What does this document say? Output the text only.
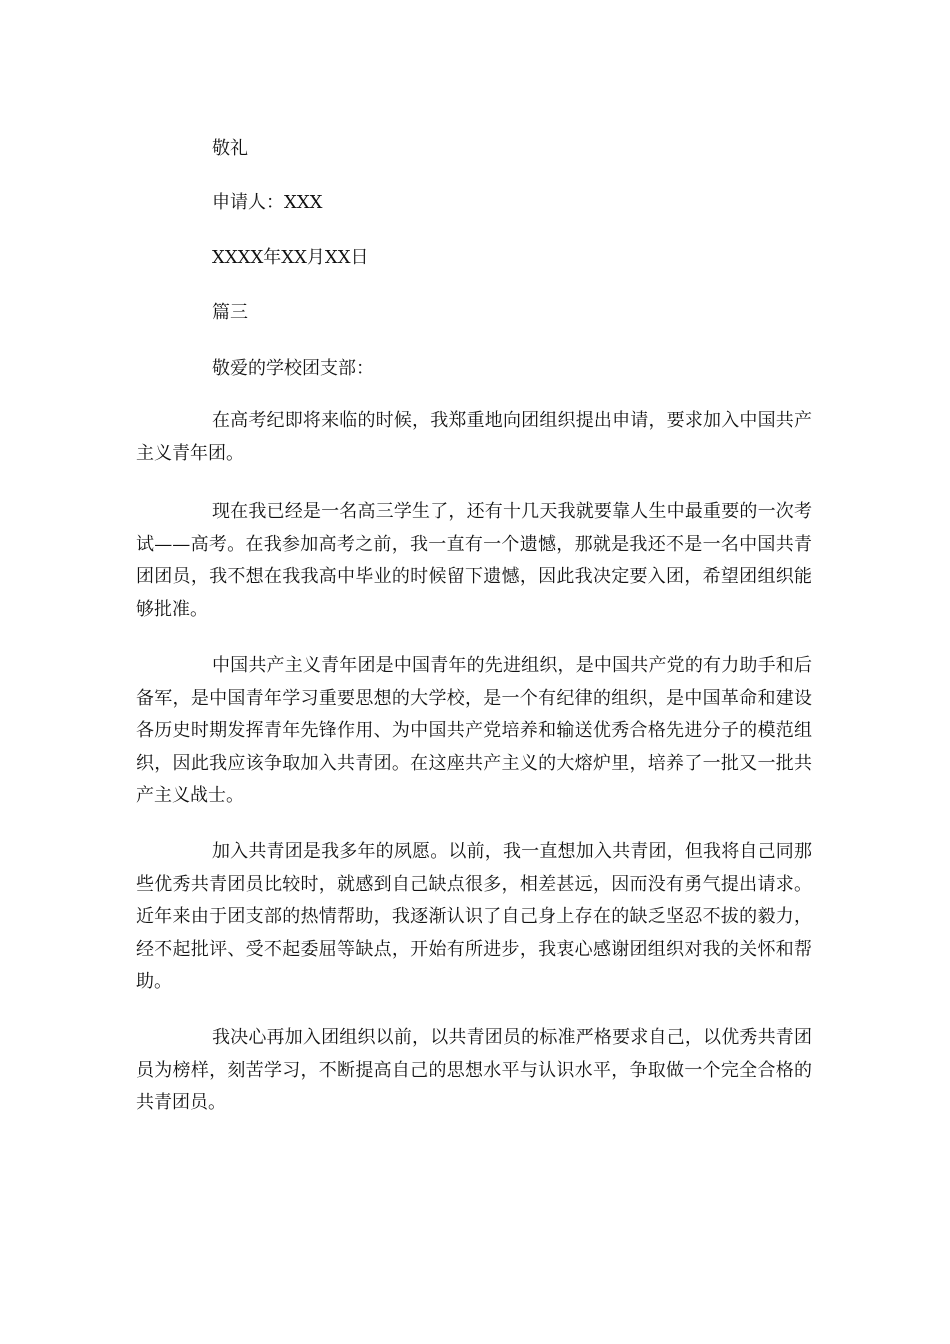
敬礼
申请人：XXX
XXXX年XX月XX日
篇三
敬爱的学校团支部：

在高考纪即将来临的时候，我郑重地向团组织提出申请，要求加入中国共产主义青年团。

现在我已经是一名高三学生了，还有十几天我就要靠人生中最重要的一次考试——高考。在我参加高考之前，我一直有一个遗憾，那就是我还不是一名中国共青团团员，我不想在我我高中毕业的时候留下遗憾，因此我决定要入团，希望团组织能够批准。

中国共产主义青年团是中国青年的先进组织，是中国共产党的有力助手和后备军，是中国青年学习重要思想的大学校，是一个有纪律的组织，是中国革命和建设各历史时期发挥青年先锋作用、为中国共产党培养和输送优秀合格先进分子的模范组织，因此我应该争取加入共青团。在这座共产主义的大熔炉里，培养了一批又一批共产主义战士。

加入共青团是我多年的夙愿。以前，我一直想加入共青团，但我将自己同那些优秀共青团员比较时，就感到自己缺点很多，相差甚远，因而没有勇气提出请求。近年来由于团支部的热情帮助，我逐渐认识了自己身上存在的缺乏坚忍不拔的毅力，经不起批评、受不起委屈等缺点，开始有所进步，我衷心感谢团组织对我的关怀和帮助。

我决心再加入团组织以前，以共青团员的标准严格要求自己，以优秀共青团员为榜样，刻苦学习，不断提高自己的思想水平与认识水平，争取做一个完全合格的共青团员。
